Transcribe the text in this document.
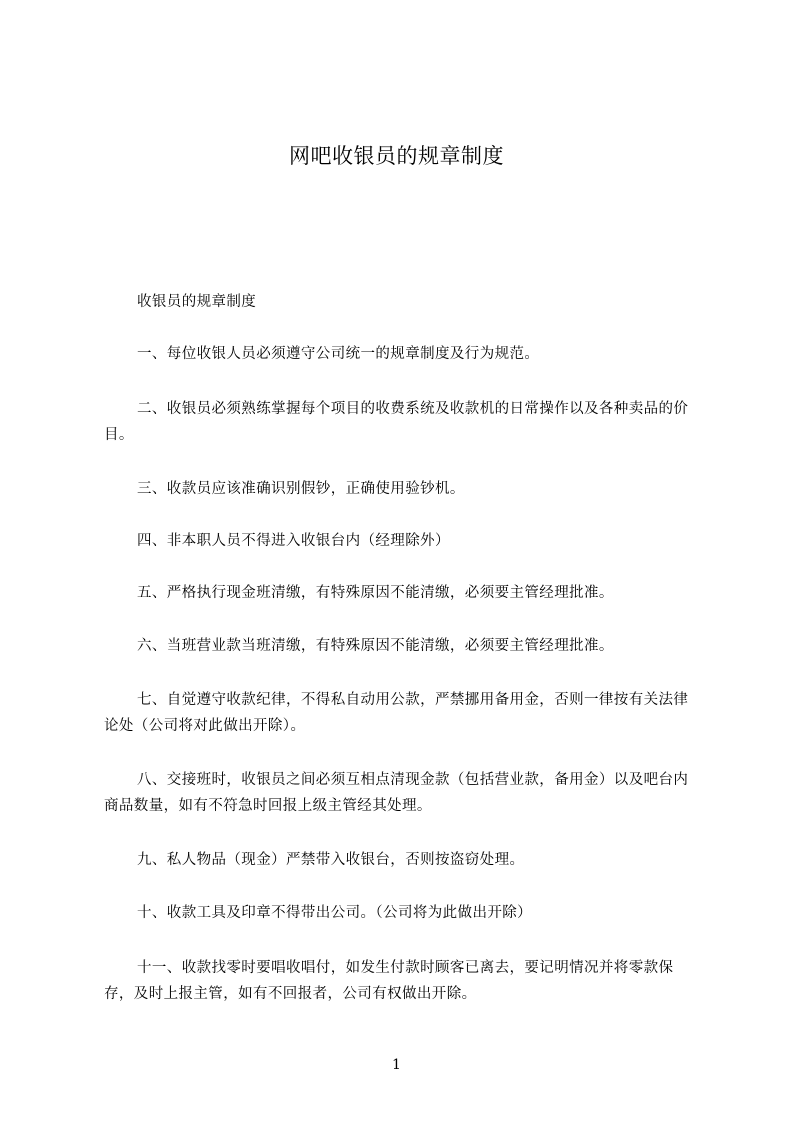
网吧收银员的规章制度
收银员的规章制度
一、每位收银人员必须遵守公司统一的规章制度及行为规范。
二、收银员必须熟练掌握每个项目的收费系统及收款机的日常操作以及各种卖品的价目。
三、收款员应该准确识别假钞，正确使用验钞机。
四、非本职人员不得进入收银台内（经理除外）
五、严格执行现金班清缴，有特殊原因不能清缴，必须要主管经理批准。
六、当班营业款当班清缴，有特殊原因不能清缴，必须要主管经理批准。
七、自觉遵守收款纪律，不得私自动用公款，严禁挪用备用金，否则一律按有关法律论处（公司将对此做出开除）。
八、交接班时，收银员之间必须互相点清现金款（包括营业款，备用金）以及吧台内商品数量，如有不符急时回报上级主管经其处理。
九、私人物品（现金）严禁带入收银台，否则按盗窃处理。
十、收款工具及印章不得带出公司。（公司将为此做出开除）
十一、收款找零时要唱收唱付，如发生付款时顾客已离去，要记明情况并将零款保存，及时上报主管，如有不回报者，公司有权做出开除。
1
